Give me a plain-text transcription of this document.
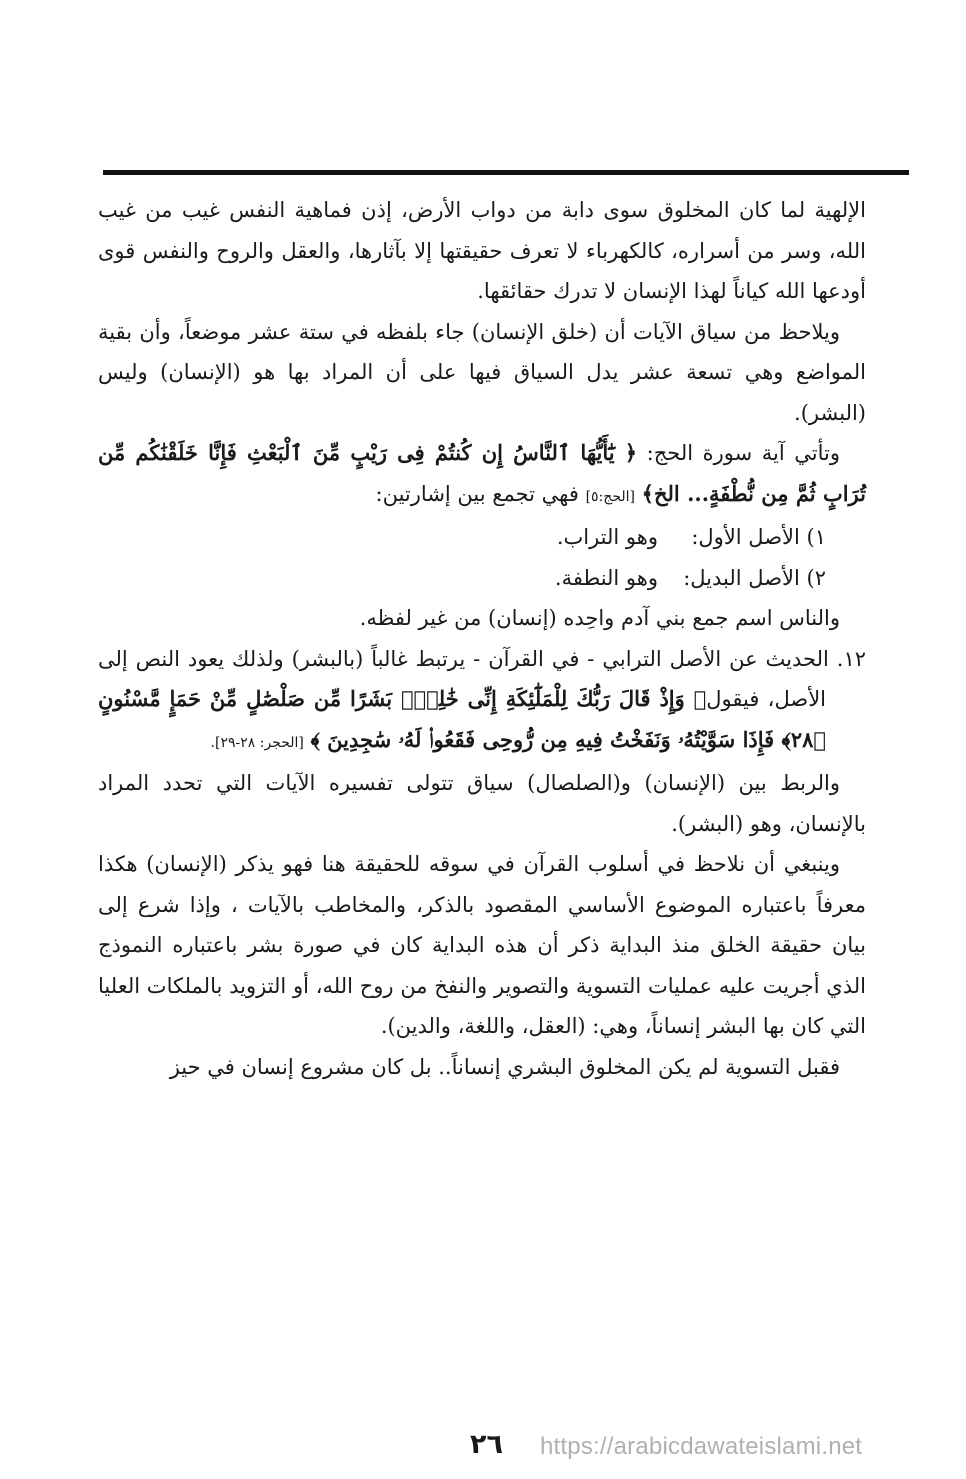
الإلهية لما كان المخلوق سوى دابة من دواب الأرض، إذن فماهية النفس غيب من غيب الله، وسر من أسراره، كالكهرباء لا تعرف حقيقتها إلا بآثارها، والعقل والروح والنفس قوى أودعها الله كياناً لهذا الإنسان لا تدرك حقائقها.

ويلاحظ من سياق الآيات أن (خلق الإنسان) جاء بلفظه في ستة عشر موضعاً، وأن بقية المواضع وهي تسعة عشر يدل السياق فيها على أن المراد بها هو (الإنسان) وليس (البشر).

وتأتي آية سورة الحج: ﴿ يَٰٓأَيُّهَا ٱلنَّاسُ إِن كُنتُمْ فِى رَيْبٍ مِّنَ ٱلْبَعْثِ فَإِنَّا خَلَقْنَٰكُم مِّن تُرَابٍ ثُمَّ مِن نُّطْفَةٍ... الخ﴾ [الحج:٥] فهي تجمع بين إشارتين:

١) الأصل الأول:وهو التراب.

٢) الأصل البديل:وهو النطفة.

والناس اسم جمع بني آدم واحِده (إنسان) من غير لفظه.

١٢. الحديث عن الأصل الترابي - في القرآن - يرتبط غالباً (بالبشر) ولذلك يعود النص إلى الأصل، فيقول﴿ وَإِذْ قَالَ رَبُّكَ لِلْمَلَٰٓئِكَةِ إِنِّى خَٰلِقٌۢ بَشَرًا مِّن صَلْصَٰلٍ مِّنْ حَمَإٍ مَّسْنُونٍ ﴿٢٨﴾ فَإِذَا سَوَّيْتُهُۥ وَنَفَخْتُ فِيهِ مِن رُّوحِى فَقَعُوا۟ لَهُۥ سَٰجِدِينَ ﴾ [الحجر: ٢٨-٢٩].

والربط بين (الإنسان) و(الصلصال) سياق تتولى تفسيره الآيات التي تحدد المراد بالإنسان، وهو (البشر).

وينبغي أن نلاحظ في أسلوب القرآن في سوقه للحقيقة هنا فهو يذكر (الإنسان) هكذا معرفاً باعتباره الموضوع الأساسي المقصود بالذكر، والمخاطب بالآيات ، وإذا شرع إلى بيان حقيقة الخلق منذ البداية ذكر أن هذه البداية كان في صورة بشر باعتباره النموذج الذي أجريت عليه عمليات التسوية والتصوير والنفخ من روح الله، أو التزويد بالملكات العليا التي كان بها البشر إنساناً، وهي: (العقل، واللغة، والدين).

فقبل التسوية لم يكن المخلوق البشري إنساناً.. بل كان مشروع إنسان في حيز

٢٦ https://arabicdawateislami.net
